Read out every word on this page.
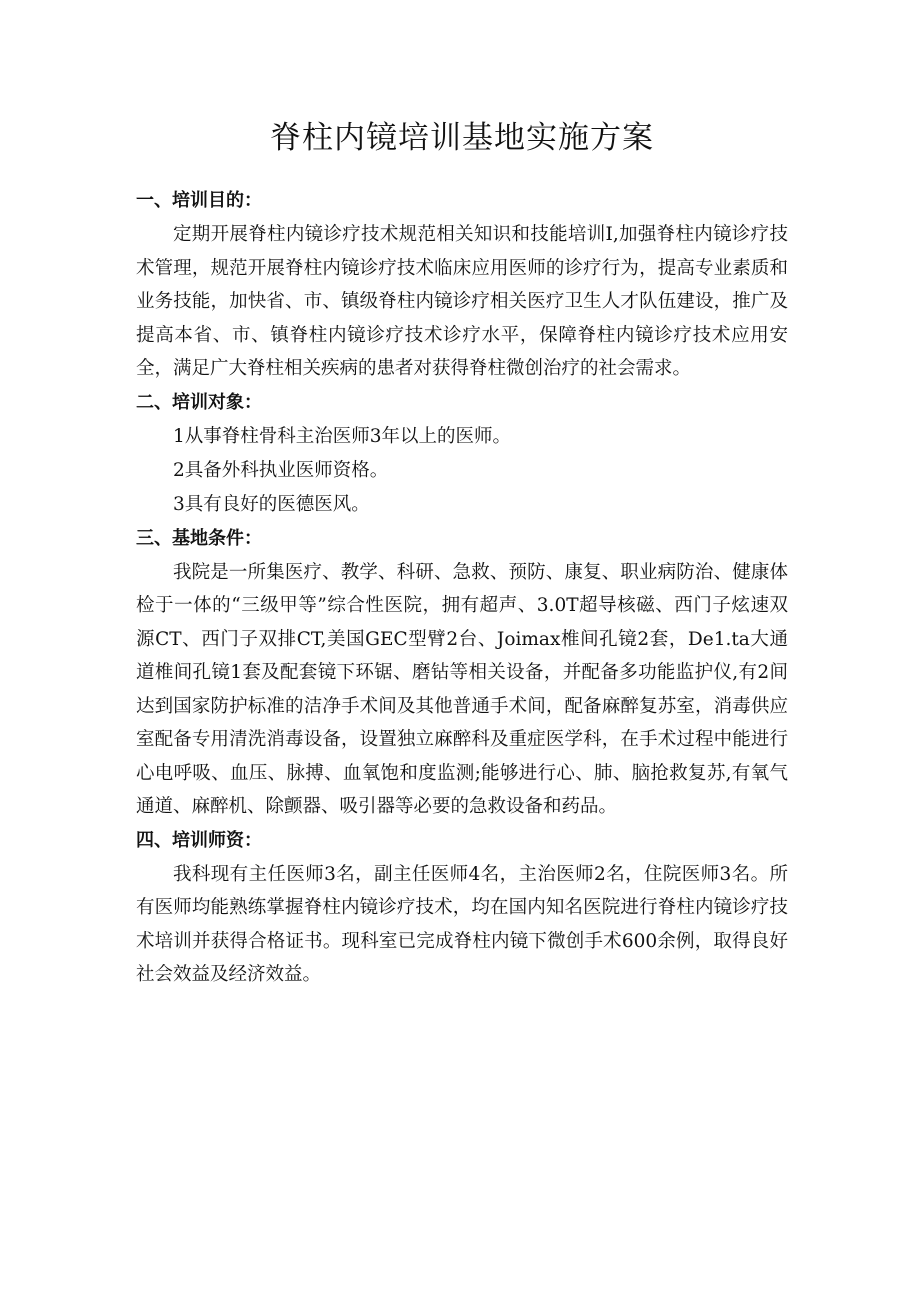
脊柱内镜培训基地实施方案
一、培训目的：

定期开展脊柱内镜诊疗技术规范相关知识和技能培训I,加强脊柱内镜诊疗技术管理，规范开展脊柱内镜诊疗技术临床应用医师的诊疗行为，提高专业素质和业务技能，加快省、市、镇级脊柱内镜诊疗相关医疗卫生人才队伍建设，推广及提高本省、市、镇脊柱内镜诊疗技术诊疗水平，保障脊柱内镜诊疗技术应用安全，满足广大脊柱相关疾病的患者对获得脊柱微创治疗的社会需求。

二、培训对象：

1从事脊柱骨科主治医师3年以上的医师。

2具备外科执业医师资格。

3具有良好的医德医风。

三、基地条件：

我院是一所集医疗、教学、科研、急救、预防、康复、职业病防治、健康体检于一体的“三级甲等”综合性医院，拥有超声、3.0T超导核磁、西门子炫速双源CT、西门子双排CT,美国GEC型臂2台、Joimax椎间孔镜2套，De1.ta大通道椎间孔镜1套及配套镜下环锯、磨钻等相关设备，并配备多功能监护仪,有2间达到国家防护标准的洁净手术间及其他普通手术间，配备麻醉复苏室，消毒供应室配备专用清洗消毒设备，设置独立麻醉科及重症医学科，在手术过程中能进行心电呼吸、血压、脉搏、血氧饱和度监测;能够进行心、肺、脑抢救复苏,有氧气通道、麻醉机、除颤器、吸引器等必要的急救设备和药品。

四、培训师资：

我科现有主任医师3名，副主任医师4名，主治医师2名，住院医师3名。所有医师均能熟练掌握脊柱内镜诊疗技术，均在国内知名医院进行脊柱内镜诊疗技术培训并获得合格证书。现科室已完成脊柱内镜下微创手术600余例，取得良好社会效益及经济效益。
